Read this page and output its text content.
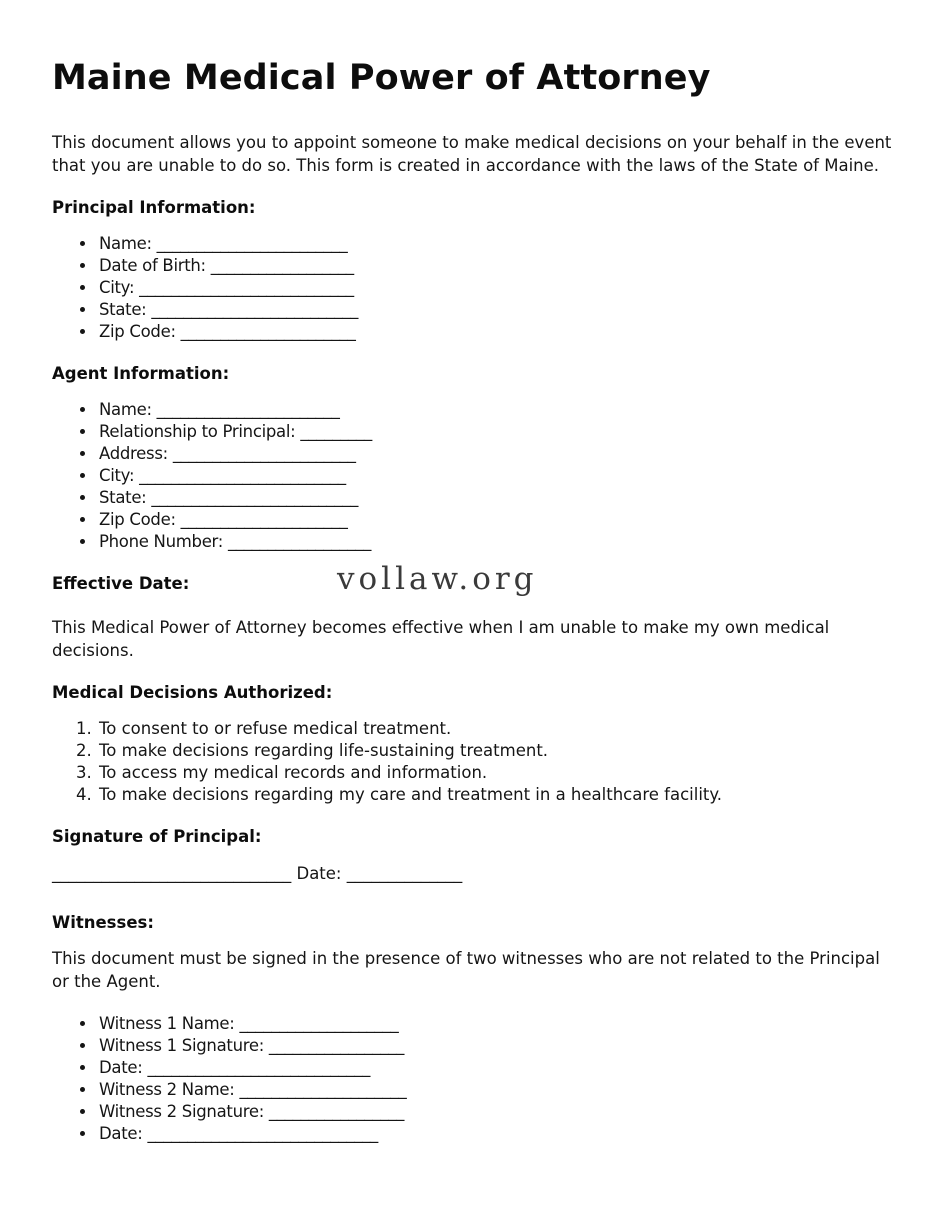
Maine Medical Power of Attorney

This document allows you to appoint someone to make medical decisions on your behalf in the event that you are unable to do so. This form is created in accordance with the laws of the State of Maine.

Principal Information:
• Name: ________________________
• Date of Birth: __________________
• City: ___________________________
• State: __________________________
• Zip Code: ______________________
Agent Information:
• Name: _______________________
• Relationship to Principal: _________
• Address: _______________________
• City: __________________________
• State: __________________________
• Zip Code: _____________________
• Phone Number: __________________
Effective Date:	vollaw.org

This Medical Power of Attorney becomes effective when I am unable to make my own medical decisions.

Medical Decisions Authorized:
1. To consent to or refuse medical treatment.
2. To make decisions regarding life-sustaining treatment.
3. To access my medical records and information.
4. To make decisions regarding my care and treatment in a healthcare facility.
Signature of Principal:
_____________________________ Date: ______________
Witnesses:

This document must be signed in the presence of two witnesses who are not related to the Principal or the Agent.

• Witness 1 Name: ____________________
• Witness 1 Signature: _________________
• Date: ____________________________
• Witness 2 Name: _____________________
• Witness 2 Signature: _________________
• Date: _____________________________
